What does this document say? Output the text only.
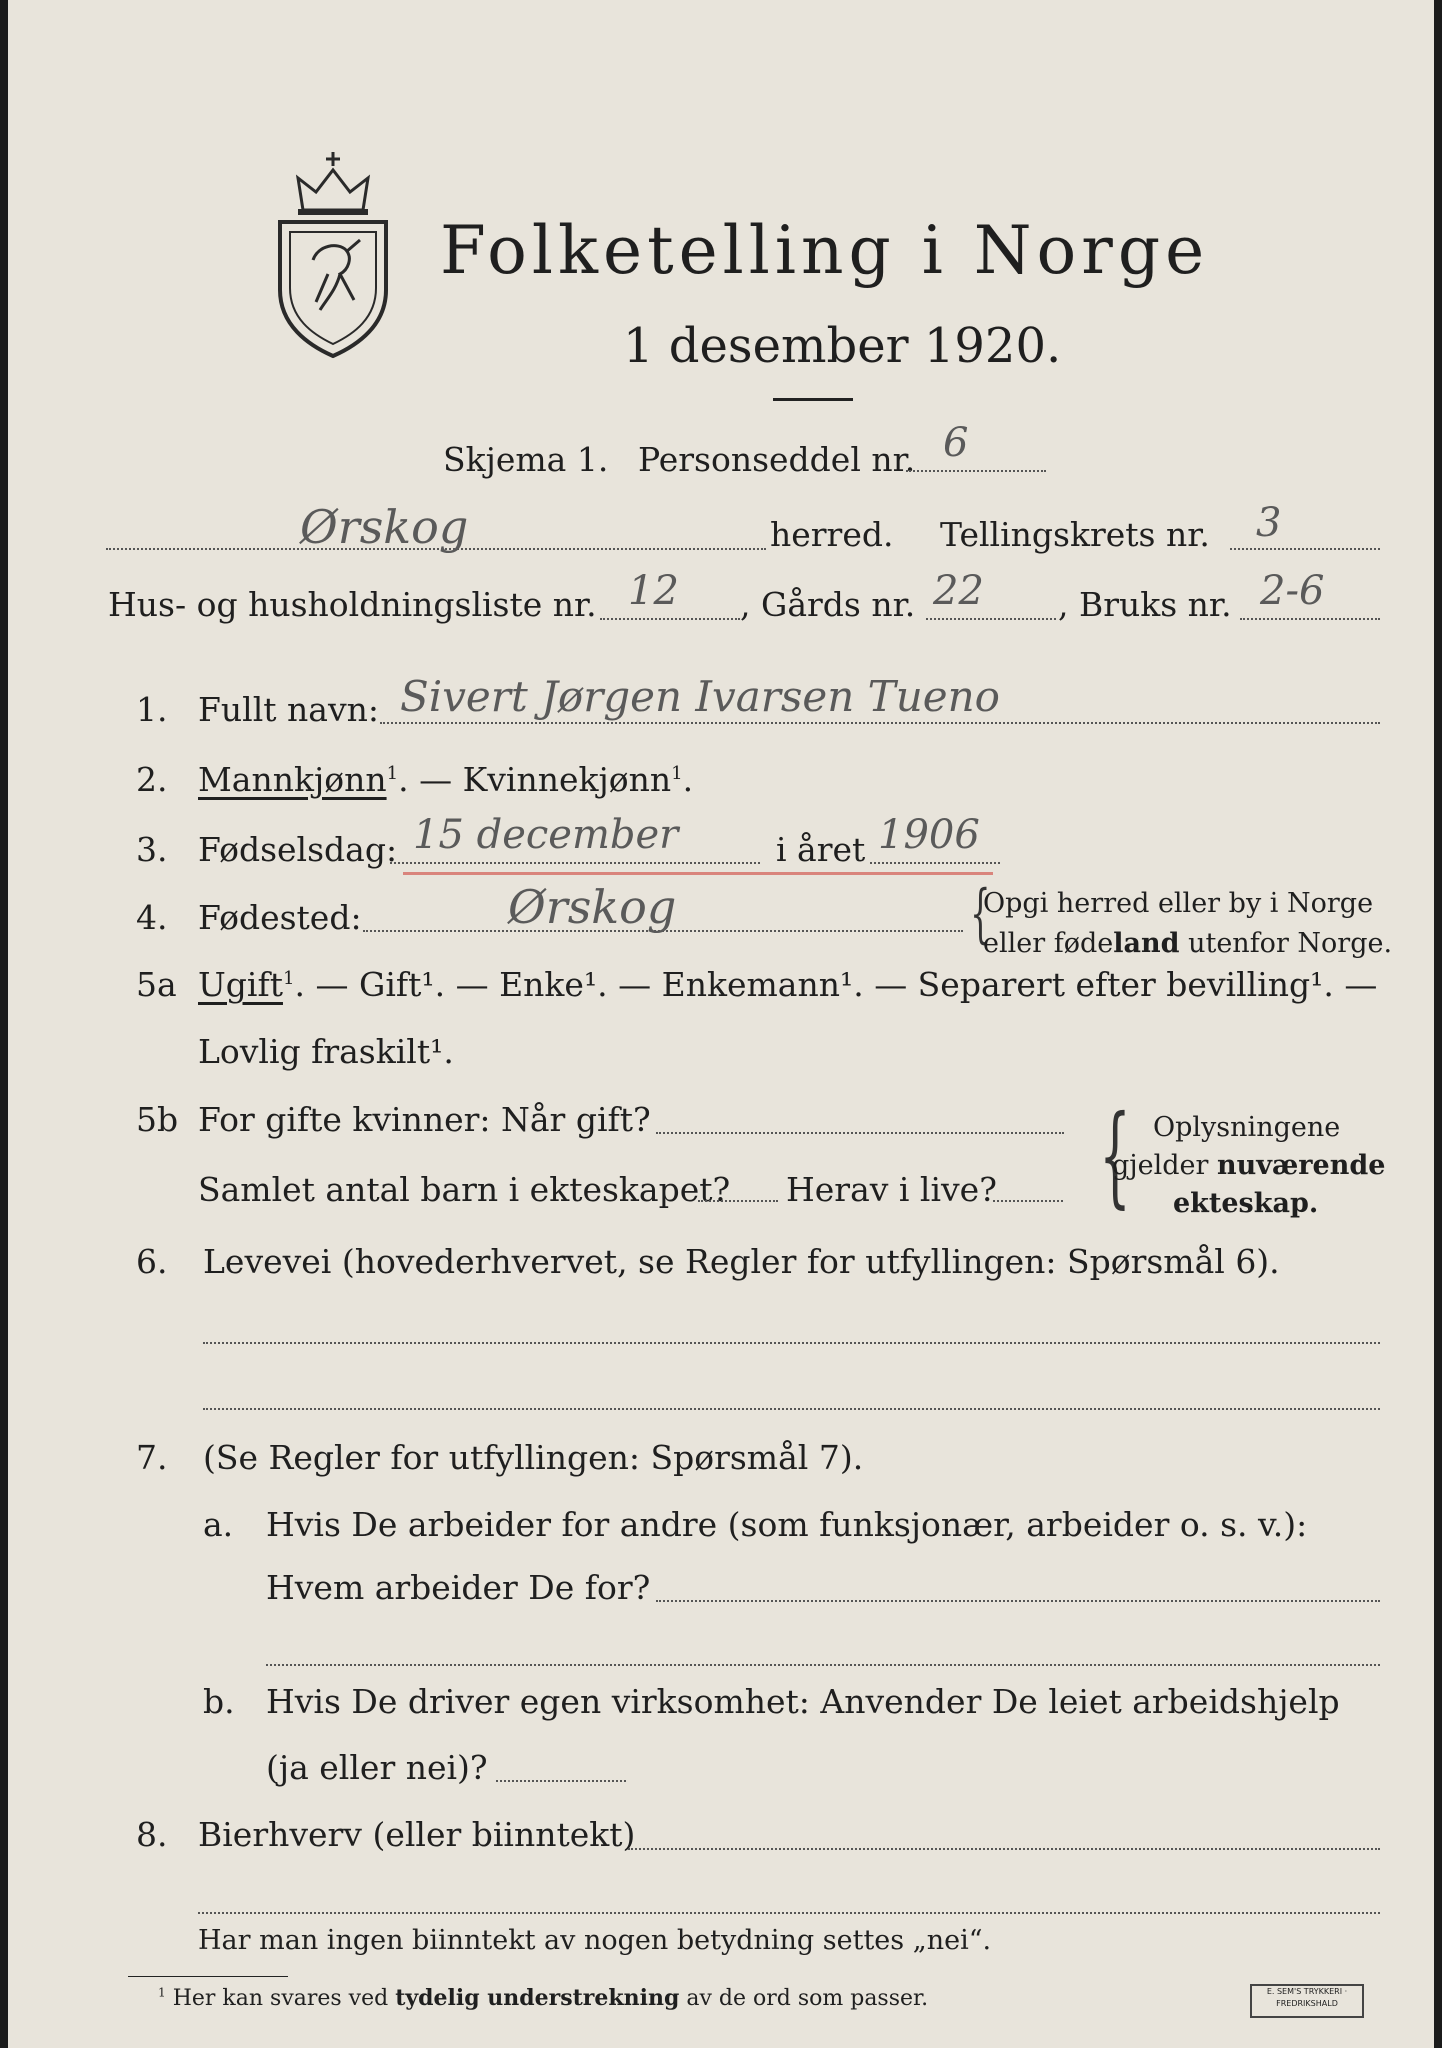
Folketelling i Norge
1 desember 1920.
Skjema 1. Personseddel nr. 6
Ørskog	herred. Tellingskrets nr. 3
Hus- og husholdningsliste nr. 12 , Gårds nr. 22 , Bruks nr. 2-6
1. Fullt navn: Sivert Jørgen Ivarsen Tueno
2. Mannkjønn$^1$. — Kvinnekjønn$^1$.
3. Fødselsdag: 15 december	i året 1906
4. Fødested:	Ørskog	{
Opgi herred eller by i Norge
eller fødeland utenfor Norge.
5a Ugift$^1$. — Gift¹. — Enke¹. — Enkemann¹. — Separert efter bevilling¹. —
Lovlig fraskilt¹.
5b For gifte kvinner: Når gift?
Samlet antal barn i ekteskapet? Herav i live? { Oplysningene
gjelder nuværende
ekteskap.
6. Levevei (hovederhvervet, se Regler for utfyllingen: Spørsmål 6).
7. (Se Regler for utfyllingen: Spørsmål 7).
a. Hvis De arbeider for andre (som funksjonær, arbeider o. s. v.):
Hvem arbeider De for?
b. Hvis De driver egen virksomhet: Anvender De leiet arbeidshjelp
(ja eller nei)?
8. Bierhverv (eller biinntekt)
Har man ingen biinntekt av nogen betydning settes „nei“.
$^1$ Her kan svares ved tydelig understrekning av de ord som passer.	E. SEM'S TRYKKERI · FREDRIKSHALD
